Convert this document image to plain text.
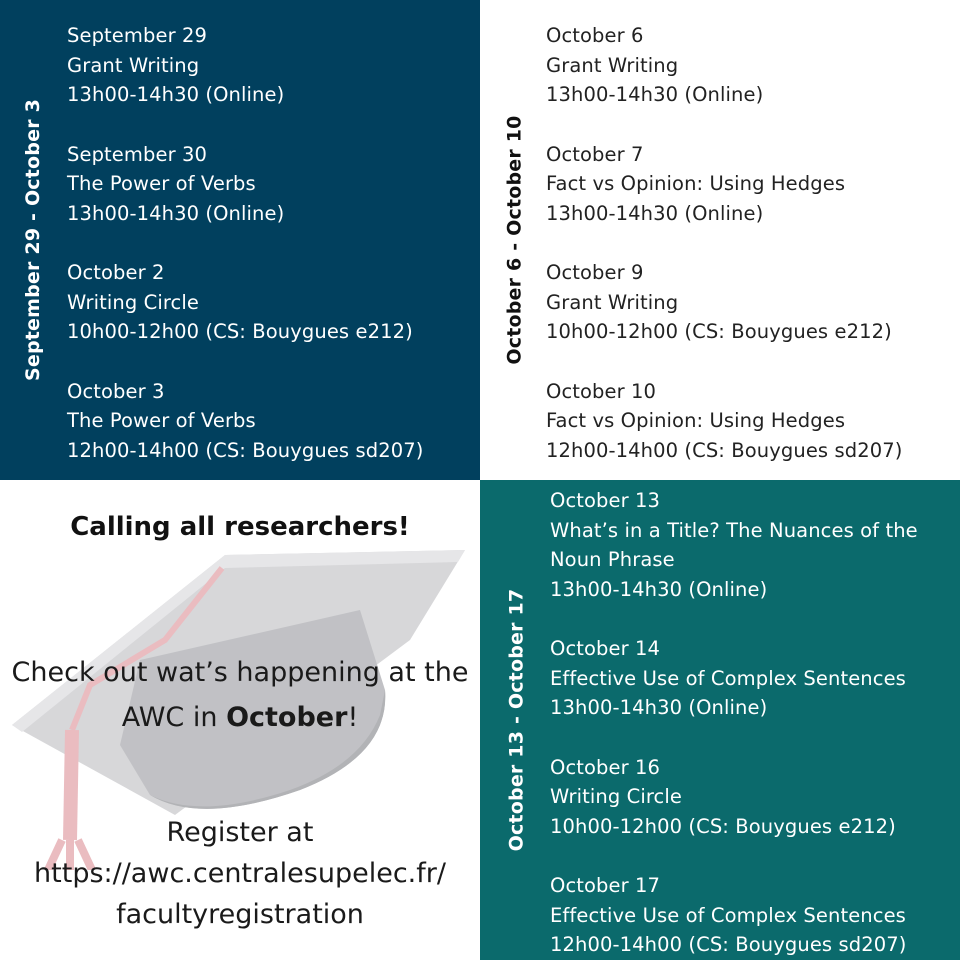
September 29 - October 3
September 29
Grant Writing
13h00-14h30 (Online)
September 30
The Power of Verbs
13h00-14h30 (Online)
October 2
Writing Circle
10h00-12h00 (CS: Bouygues e212)
October 3
The Power of Verbs
12h00-14h00 (CS: Bouygues sd207)
October 6 - October 10
October 6
Grant Writing
13h00-14h30 (Online)
October 7
Fact vs Opinion: Using Hedges
13h00-14h30 (Online)
October 9
Grant Writing
10h00-12h00 (CS: Bouygues e212)
October 10
Fact vs Opinion: Using Hedges
12h00-14h00 (CS: Bouygues sd207)
Calling all researchers!
Check out wat’s happening at the AWC in October!
Register at
https://awc.centralesupelec.fr/
facultyregistration
October 13 - October 17
October 13
What’s in a Title? The Nuances of the Noun Phrase
13h00-14h30 (Online)
October 14
Effective Use of Complex Sentences
13h00-14h30 (Online)
October 16
Writing Circle
10h00-12h00 (CS: Bouygues e212)
October 17
Effective Use of Complex Sentences
12h00-14h00 (CS: Bouygues sd207)
